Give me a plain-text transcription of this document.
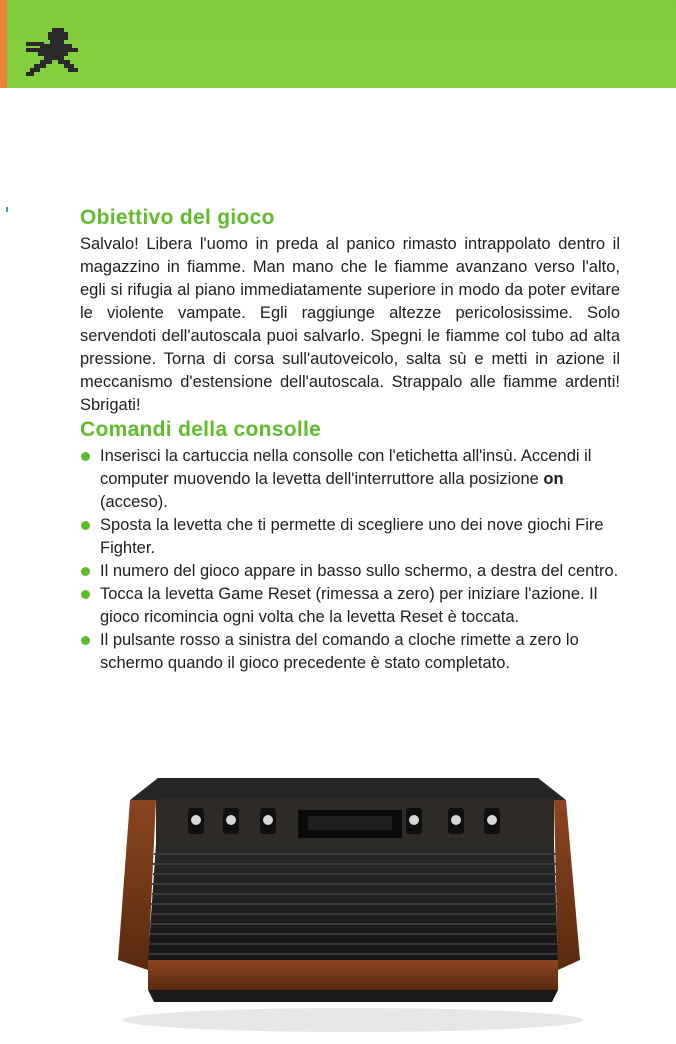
Obiettivo del gioco

Salvalo! Libera l'uomo in preda al panico rimasto intrappolato dentro il magazzino in fiamme. Man mano che le fiamme avanzano verso l'alto, egli si rifugia al piano immediatamente superiore in modo da poter evitare le violente vampate. Egli raggiunge altezze pericolosissime. Solo servendoti dell'autoscala puoi salvarlo. Spegni le fiamme col tubo ad alta pressione. Torna di corsa sull'autoveicolo, salta sù e metti in azione il meccanismo d'estensione dell'autoscala. Strappalo alle fiamme ardenti! Sbrigati!

Comandi della consolle
Inserisci la cartuccia nella consolle con l'etichetta all'insù. Accendi il computer muovendo la levetta dell'interruttore alla posizione on (acceso).
Sposta la levetta che ti permette di scegliere uno dei nove giochi Fire Fighter.
Il numero del gioco appare in basso sullo schermo, a destra del centro.
Tocca la levetta Game Reset (rimessa a zero) per iniziare l'azione. Il gioco ricomincia ogni volta che la levetta Reset è toccata.
Il pulsante rosso a sinistra del comando a cloche rimette a zero lo schermo quando il gioco precedente è stato completato.
